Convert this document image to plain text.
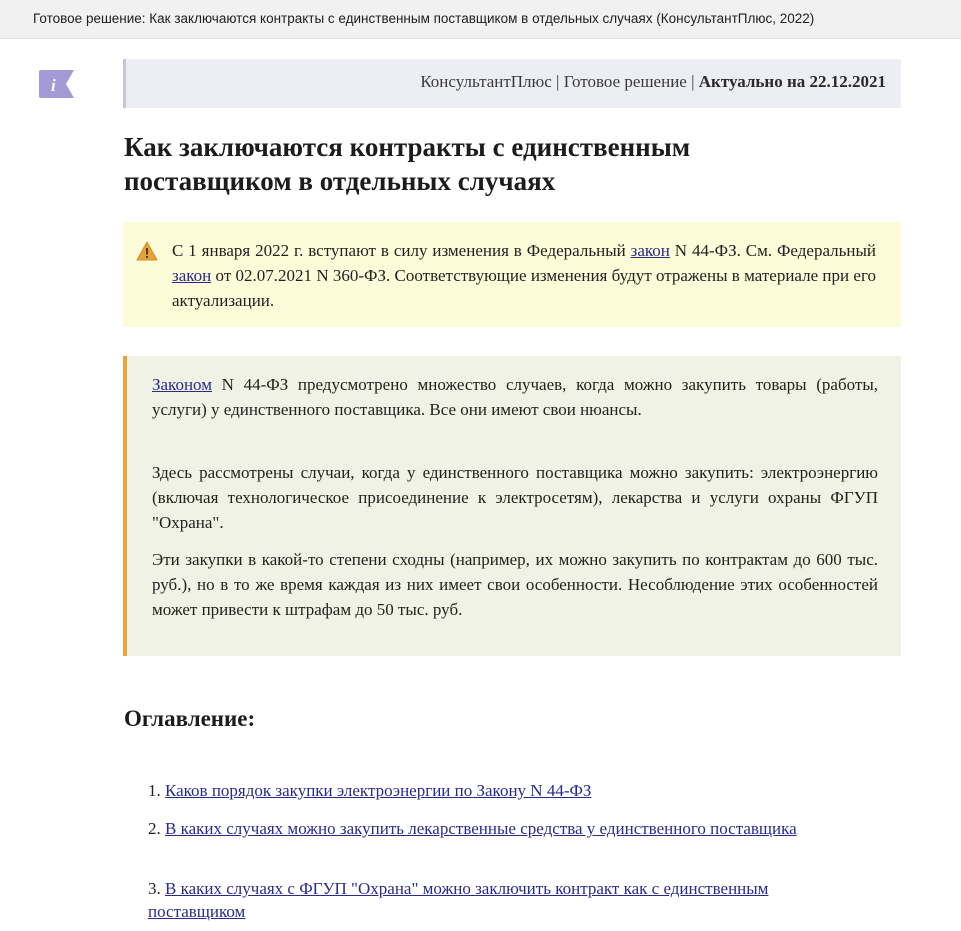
Готовое решение: Как заключаются контракты с единственным поставщиком в отдельных случаях (КонсультантПлюс, 2022)
i	КонсультантПлюс | Готовое решение | Актуально на 22.12.2021
Как заключаются контракты с единственным
поставщиком в отдельных случаях

С 1 января 2022 г. вступают в силу изменения в Федеральный закон N 44-ФЗ. См. Федеральный закон от 02.07.2021 N 360-ФЗ. Соответствующие изменения будут отражены в материале при его актуализации.

Законом N 44-ФЗ предусмотрено множество случаев, когда можно закупить товары (работы, услуги) у единственного поставщика. Все они имеют свои нюансы.

Здесь рассмотрены случаи, когда у единственного поставщика можно закупить: электроэнергию (включая технологическое присоединение к электросетям), лекарства и услуги охраны ФГУП "Охрана".

Эти закупки в какой-то степени сходны (например, их можно закупить по контрактам до 600 тыс. руб.), но в то же время каждая из них имеет свои особенности. Несоблюдение этих особенностей может привести к штрафам до 50 тыс. руб.

Оглавление:
1. Каков порядок закупки электроэнергии по Закону N 44-ФЗ
2. В каких случаях можно закупить лекарственные средства у единственного поставщика
3. В каких случаях с ФГУП "Охрана" можно заключить контракт как с единственным поставщиком
